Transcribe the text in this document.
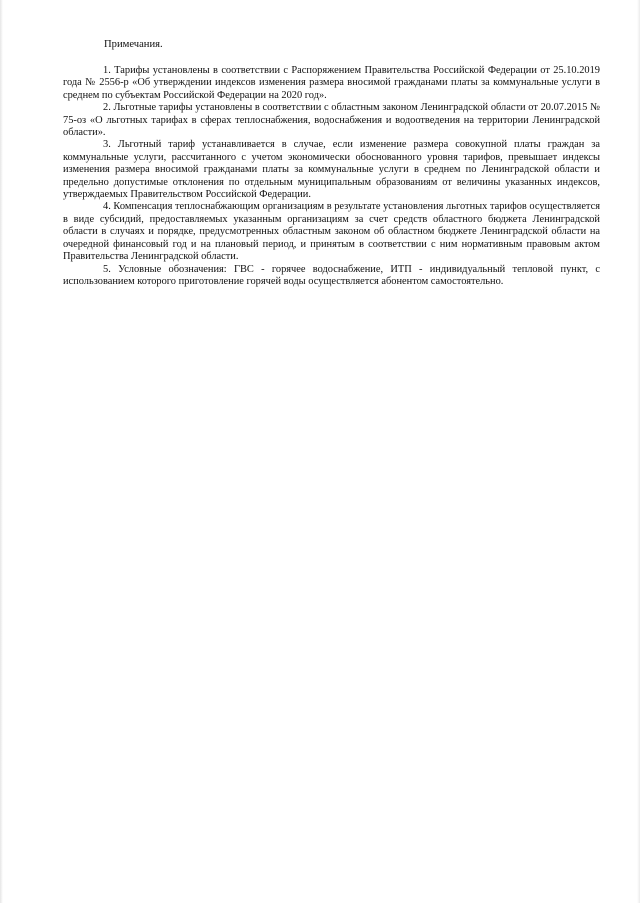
Примечания.

1. Тарифы установлены в соответствии с Распоряжением Правительства Российской Федерации от 25.10.2019 года № 2556-р «Об утверждении индексов изменения размера вносимой гражданами платы за коммунальные услуги в среднем по субъектам Российской Федерации на 2020 год».

2. Льготные тарифы установлены в соответствии с областным законом Ленинградской области от 20.07.2015 № 75-оз «О льготных тарифах в сферах теплоснабжения, водоснабжения и водоотведения на территории Ленинградской области».

3. Льготный тариф устанавливается в случае, если изменение размера совокупной платы граждан за коммунальные услуги, рассчитанного с учетом экономически обоснованного уровня тарифов, превышает индексы изменения размера вносимой гражданами платы за коммунальные услуги в среднем по Ленинградской области и предельно допустимые отклонения по отдельным муниципальным образованиям от величины указанных индексов, утверждаемых Правительством Российской Федерации.

4. Компенсация теплоснабжающим организациям в результате установления льготных тарифов осуществляется в виде субсидий, предоставляемых указанным организациям за счет средств областного бюджета Ленинградской области в случаях и порядке, предусмотренных областным законом об областном бюджете Ленинградской области на очередной финансовый год и на плановый период, и принятым в соответствии с ним нормативным правовым актом Правительства Ленинградской области.

5. Условные обозначения: ГВС - горячее водоснабжение, ИТП - индивидуальный тепловой пункт, с использованием которого приготовление горячей воды осуществляется абонентом самостоятельно.
